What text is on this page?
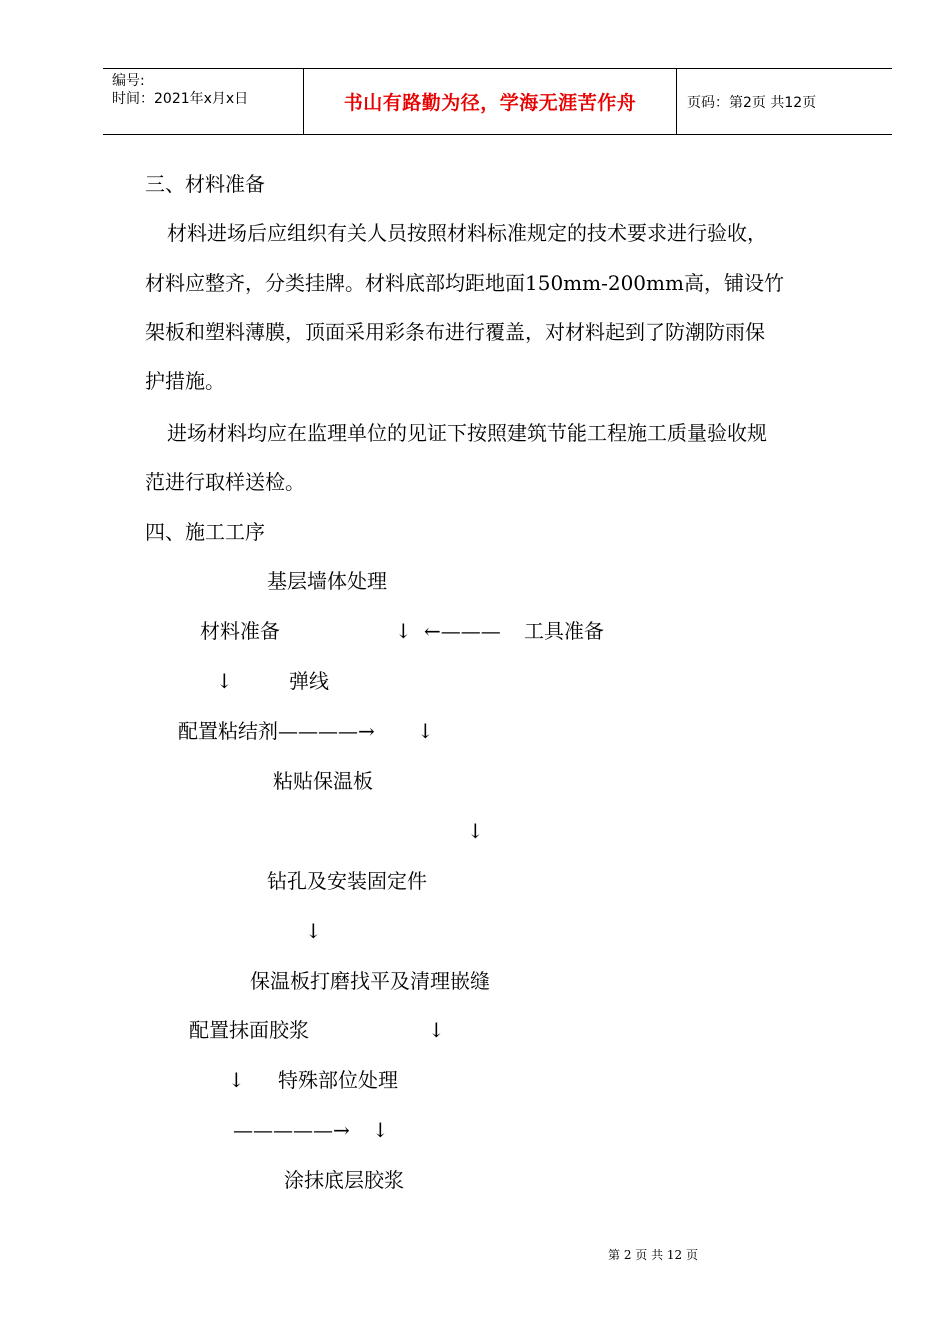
编号:
时间：2021年x月x日	书山有路勤为径，学海无涯苦作舟	页码：第2页 共12页
三、材料准备
材料进场后应组织有关人员按照材料标准规定的技术要求进行验收，
材料应整齐，分类挂牌。材料底部均距地面150mm-200mm高，铺设竹
架板和塑料薄膜，顶面采用彩条布进行覆盖，对材料起到了防潮防雨保
护措施。
进场材料均应在监理单位的见证下按照建筑节能工程施工质量验收规
范进行取样送检。
四、施工工序
基层墙体处理
材料准备	↓ ←——— 工具准备
↓	弹线
配置粘结剂————→ ↓
粘贴保温板
↓
钻孔及安装固定件
↓
保温板打磨找平及清理嵌缝
配置抹面胶浆	↓
↓ 特殊部位处理
—————→ ↓
涂抹底层胶浆
第 2 页 共 12 页
